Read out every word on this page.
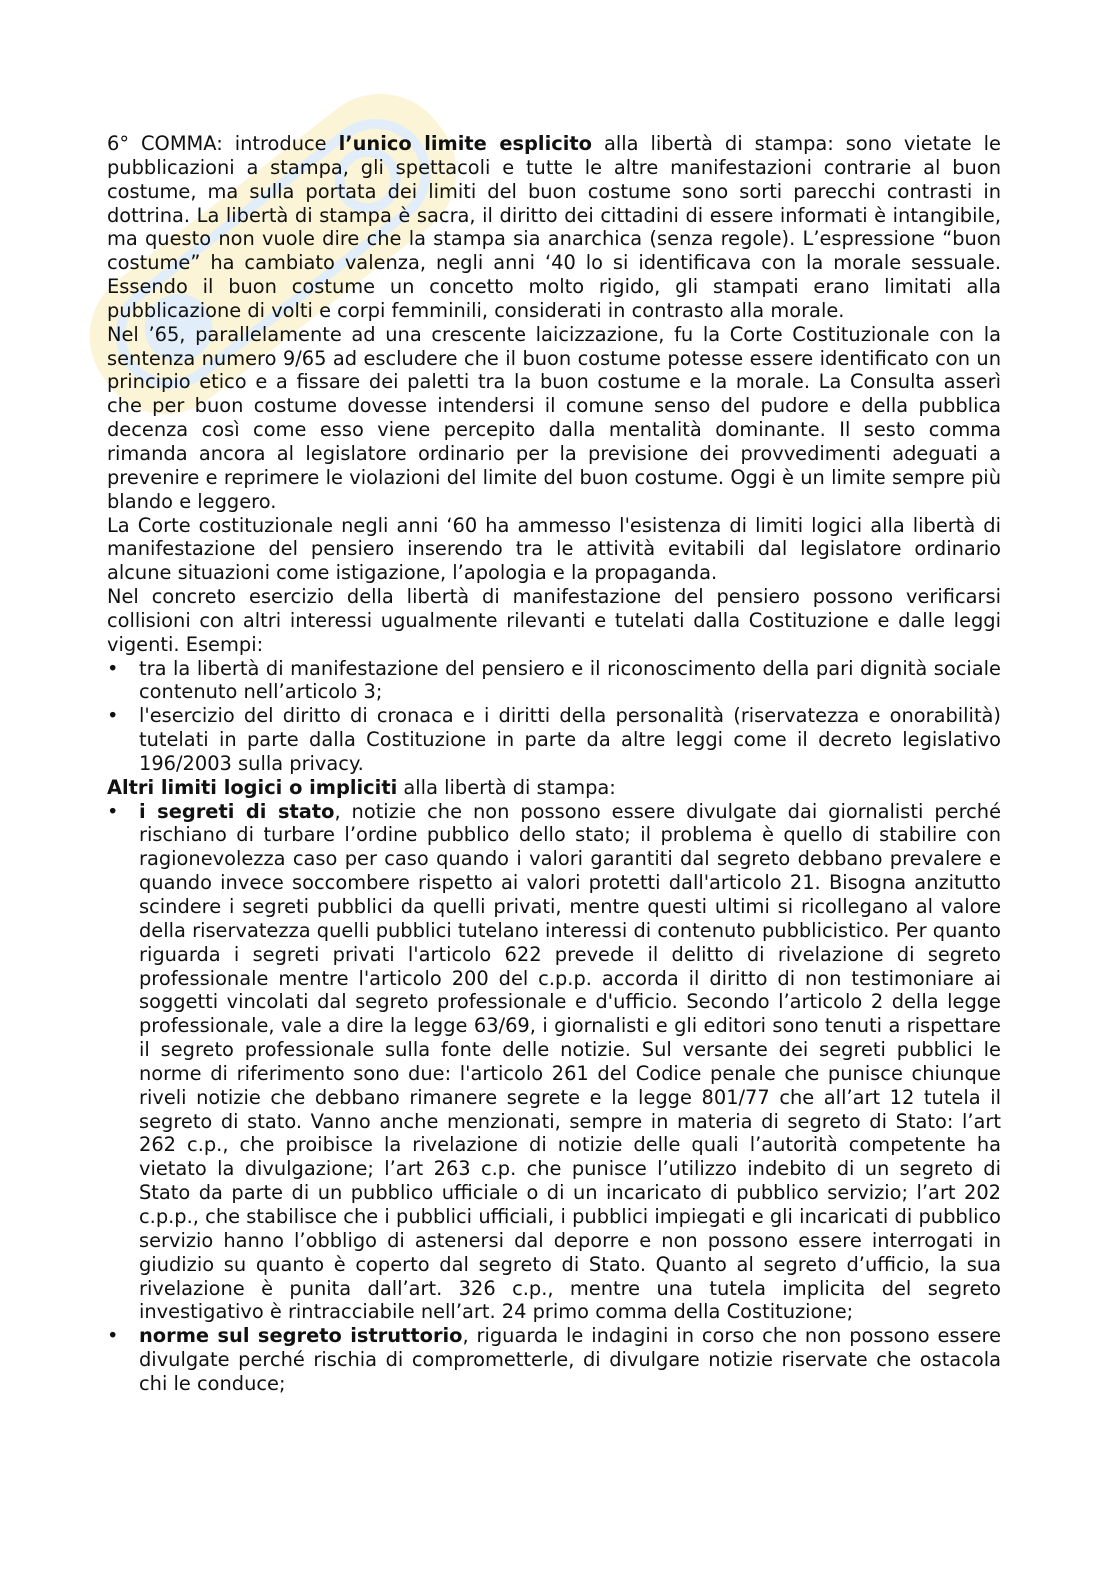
6° COMMA: introduce l’unico limite esplicito alla libertà di stampa: sono vietate le pubblicazioni a stampa, gli spettacoli e tutte le altre manifestazioni contrarie al buon costume, ma sulla portata dei limiti del buon costume sono sorti parecchi contrasti in dottrina. La libertà di stampa è sacra, il diritto dei cittadini di essere informati è intangibile, ma questo non vuole dire che la stampa sia anarchica (senza regole). L’espressione “buon costume” ha cambiato valenza, negli anni ‘40 lo si identificava con la morale sessuale. Essendo il buon costume un concetto molto rigido, gli stampati erano limitati alla pubblicazione di volti e corpi femminili, considerati in contrasto alla morale.

Nel ’65, parallelamente ad una crescente laicizzazione, fu la Corte Costituzionale con la sentenza numero 9/65 ad escludere che il buon costume potesse essere identificato con un principio etico e a fissare dei paletti tra la buon costume e la morale. La Consulta asserì che per buon costume dovesse intendersi il comune senso del pudore e della pubblica decenza così come esso viene percepito dalla mentalità dominante. Il sesto comma rimanda ancora al legislatore ordinario per la previsione dei provvedimenti adeguati a prevenire e reprimere le violazioni del limite del buon costume. Oggi è un limite sempre più blando e leggero.

La Corte costituzionale negli anni ‘60 ha ammesso l'esistenza di limiti logici alla libertà di manifestazione del pensiero inserendo tra le attività evitabili dal legislatore ordinario alcune situazioni come istigazione, l’apologia e la propaganda.

Nel concreto esercizio della libertà di manifestazione del pensiero possono verificarsi collisioni con altri interessi ugualmente rilevanti e tutelati dalla Costituzione e dalle leggi vigenti. Esempi:

• tra la libertà di manifestazione del pensiero e il riconoscimento della pari dignità sociale contenuto nell’articolo 3;
• l'esercizio del diritto di cronaca e i diritti della personalità (riservatezza e onorabilità) tutelati in parte dalla Costituzione in parte da altre leggi come il decreto legislativo 196/2003 sulla privacy.

Altri limiti logici o impliciti alla libertà di stampa:

• i segreti di stato, notizie che non possono essere divulgate dai giornalisti perché rischiano di turbare l’ordine pubblico dello stato; il problema è quello di stabilire con ragionevolezza caso per caso quando i valori garantiti dal segreto debbano prevalere e quando invece soccombere rispetto ai valori protetti dall'articolo 21. Bisogna anzitutto scindere i segreti pubblici da quelli privati, mentre questi ultimi si ricollegano al valore della riservatezza quelli pubblici tutelano interessi di contenuto pubblicistico. Per quanto riguarda i segreti privati l'articolo 622 prevede il delitto di rivelazione di segreto professionale mentre l'articolo 200 del c.p.p. accorda il diritto di non testimoniare ai soggetti vincolati dal segreto professionale e d'ufficio. Secondo l’articolo 2 della legge professionale, vale a dire la legge 63/69, i giornalisti e gli editori sono tenuti a rispettare il segreto professionale sulla fonte delle notizie. Sul versante dei segreti pubblici le norme di riferimento sono due: l'articolo 261 del Codice penale che punisce chiunque riveli notizie che debbano rimanere segrete e la legge 801/77 che all’art 12 tutela il segreto di stato. Vanno anche menzionati, sempre in materia di segreto di Stato: l’art 262 c.p., che proibisce la rivelazione di notizie delle quali l’autorità competente ha vietato la divulgazione; l’art 263 c.p. che punisce l’utilizzo indebito di un segreto di Stato da parte di un pubblico ufficiale o di un incaricato di pubblico servizio; l’art 202 c.p.p., che stabilisce che i pubblici ufficiali, i pubblici impiegati e gli incaricati di pubblico servizio hanno l’obbligo di astenersi dal deporre e non possono essere interrogati in giudizio su quanto è coperto dal segreto di Stato. Quanto al segreto d’ufficio, la sua rivelazione è punita dall’art. 326 c.p., mentre una tutela implicita del segreto investigativo è rintracciabile nell’art. 24 primo comma della Costituzione;
• norme sul segreto istruttorio, riguarda le indagini in corso che non possono essere divulgate perché rischia di comprometterle, di divulgare notizie riservate che ostacola chi le conduce;
